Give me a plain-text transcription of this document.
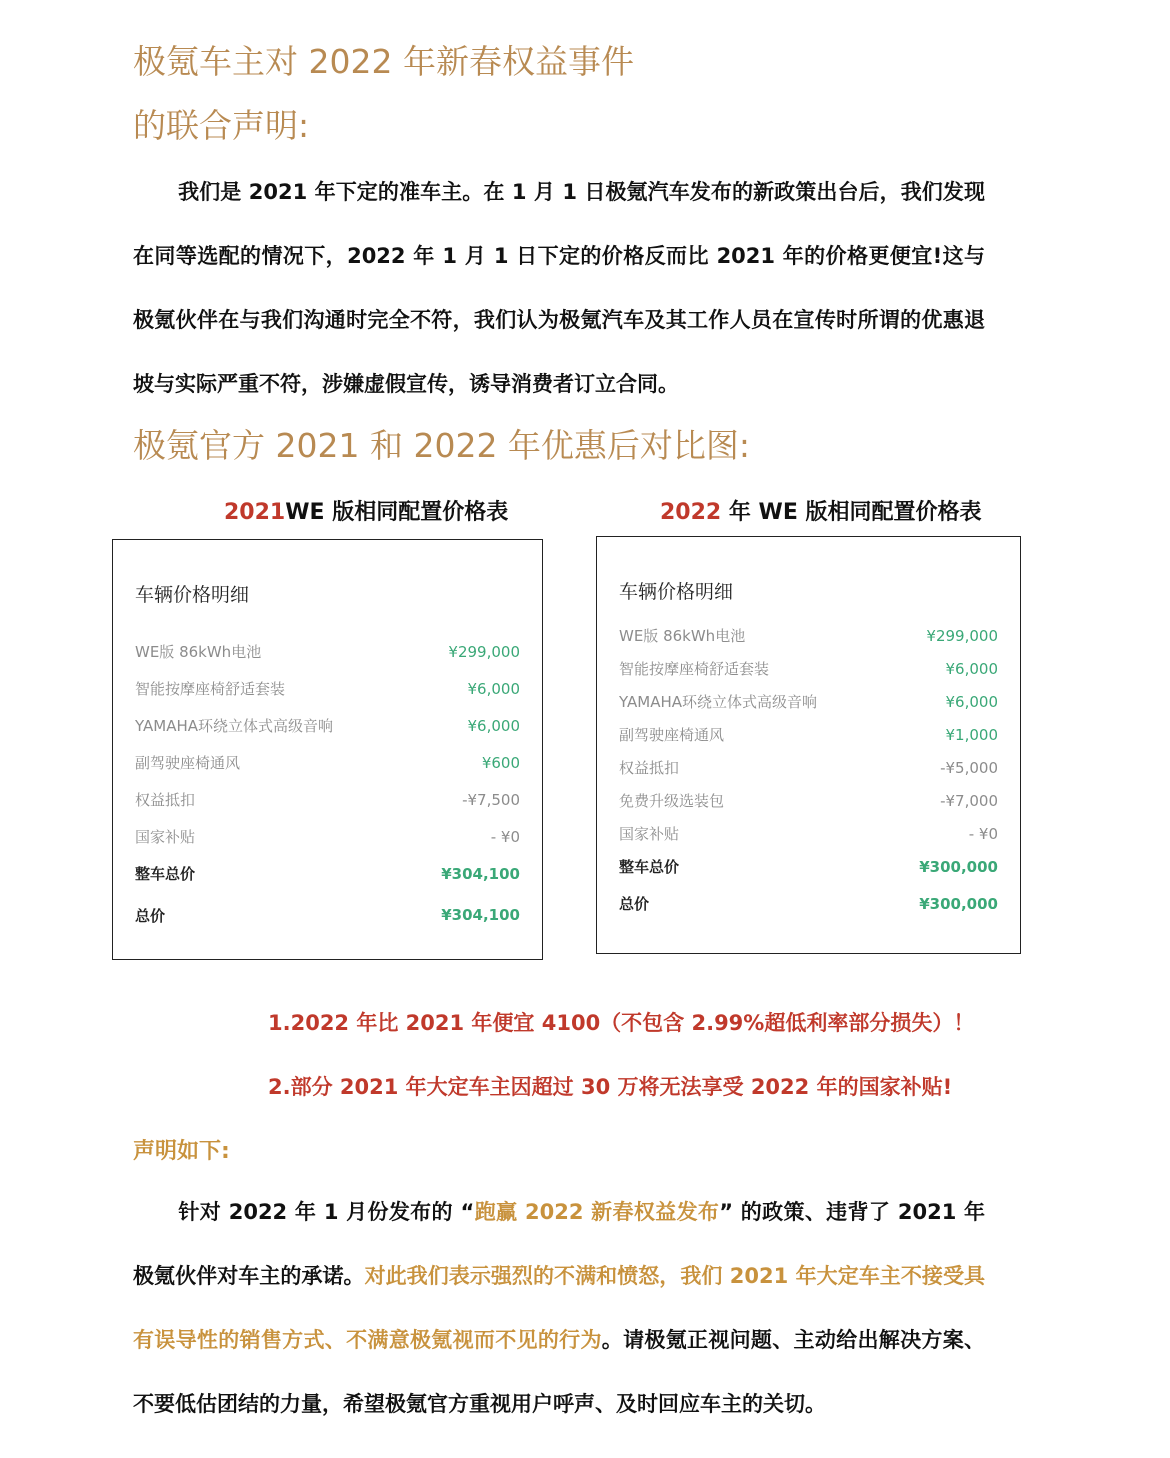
极氪车主对 2022 年新春权益事件
的联合声明:

我们是 2021 年下定的准车主。在 1 月 1 日极氪汽车发布的新政策出台后，我们发现在同等选配的情况下，2022 年 1 月 1 日下定的价格反而比 2021 年的价格更便宜!这与极氪伙伴在与我们沟通时完全不符，我们认为极氪汽车及其工作人员在宣传时所谓的优惠退坡与实际严重不符，涉嫌虚假宣传，诱导消费者订立合同。

极氪官方 2021 和 2022 年优惠后对比图:

2021WE 版相同配置价格表	2022 年 WE 版相同配置价格表

车辆价格明细

WE版 86kWh电池	¥299,000
智能按摩座椅舒适套装	¥6,000
YAMAHA环绕立体式高级音响	¥6,000
副驾驶座椅通风	¥600
权益抵扣	-¥7,500
国家补贴	- ¥0
整车总价	¥304,100
总价	¥304,100

车辆价格明细

WE版 86kWh电池	¥299,000
智能按摩座椅舒适套装	¥6,000
YAMAHA环绕立体式高级音响	¥6,000
副驾驶座椅通风	¥1,000
权益抵扣	-¥5,000
免费升级选装包	-¥7,000
国家补贴	- ¥0
整车总价	¥300,000
总价	¥300,000

1.2022 年比 2021 年便宜 4100（不包含 2.99%超低利率部分损失）！

2.部分 2021 年大定车主因超过 30 万将无法享受 2022 年的国家补贴!

声明如下:

针对 2022 年 1 月份发布的 “跑赢 2022 新春权益发布” 的政策、违背了 2021 年极氪伙伴对车主的承诺。对此我们表示强烈的不满和愤怒，我们 2021 年大定车主不接受具有误导性的销售方式、不满意极氪视而不见的行为。请极氪正视问题、主动给出解决方案、不要低估团结的力量，希望极氪官方重视用户呼声、及时回应车主的关切。
